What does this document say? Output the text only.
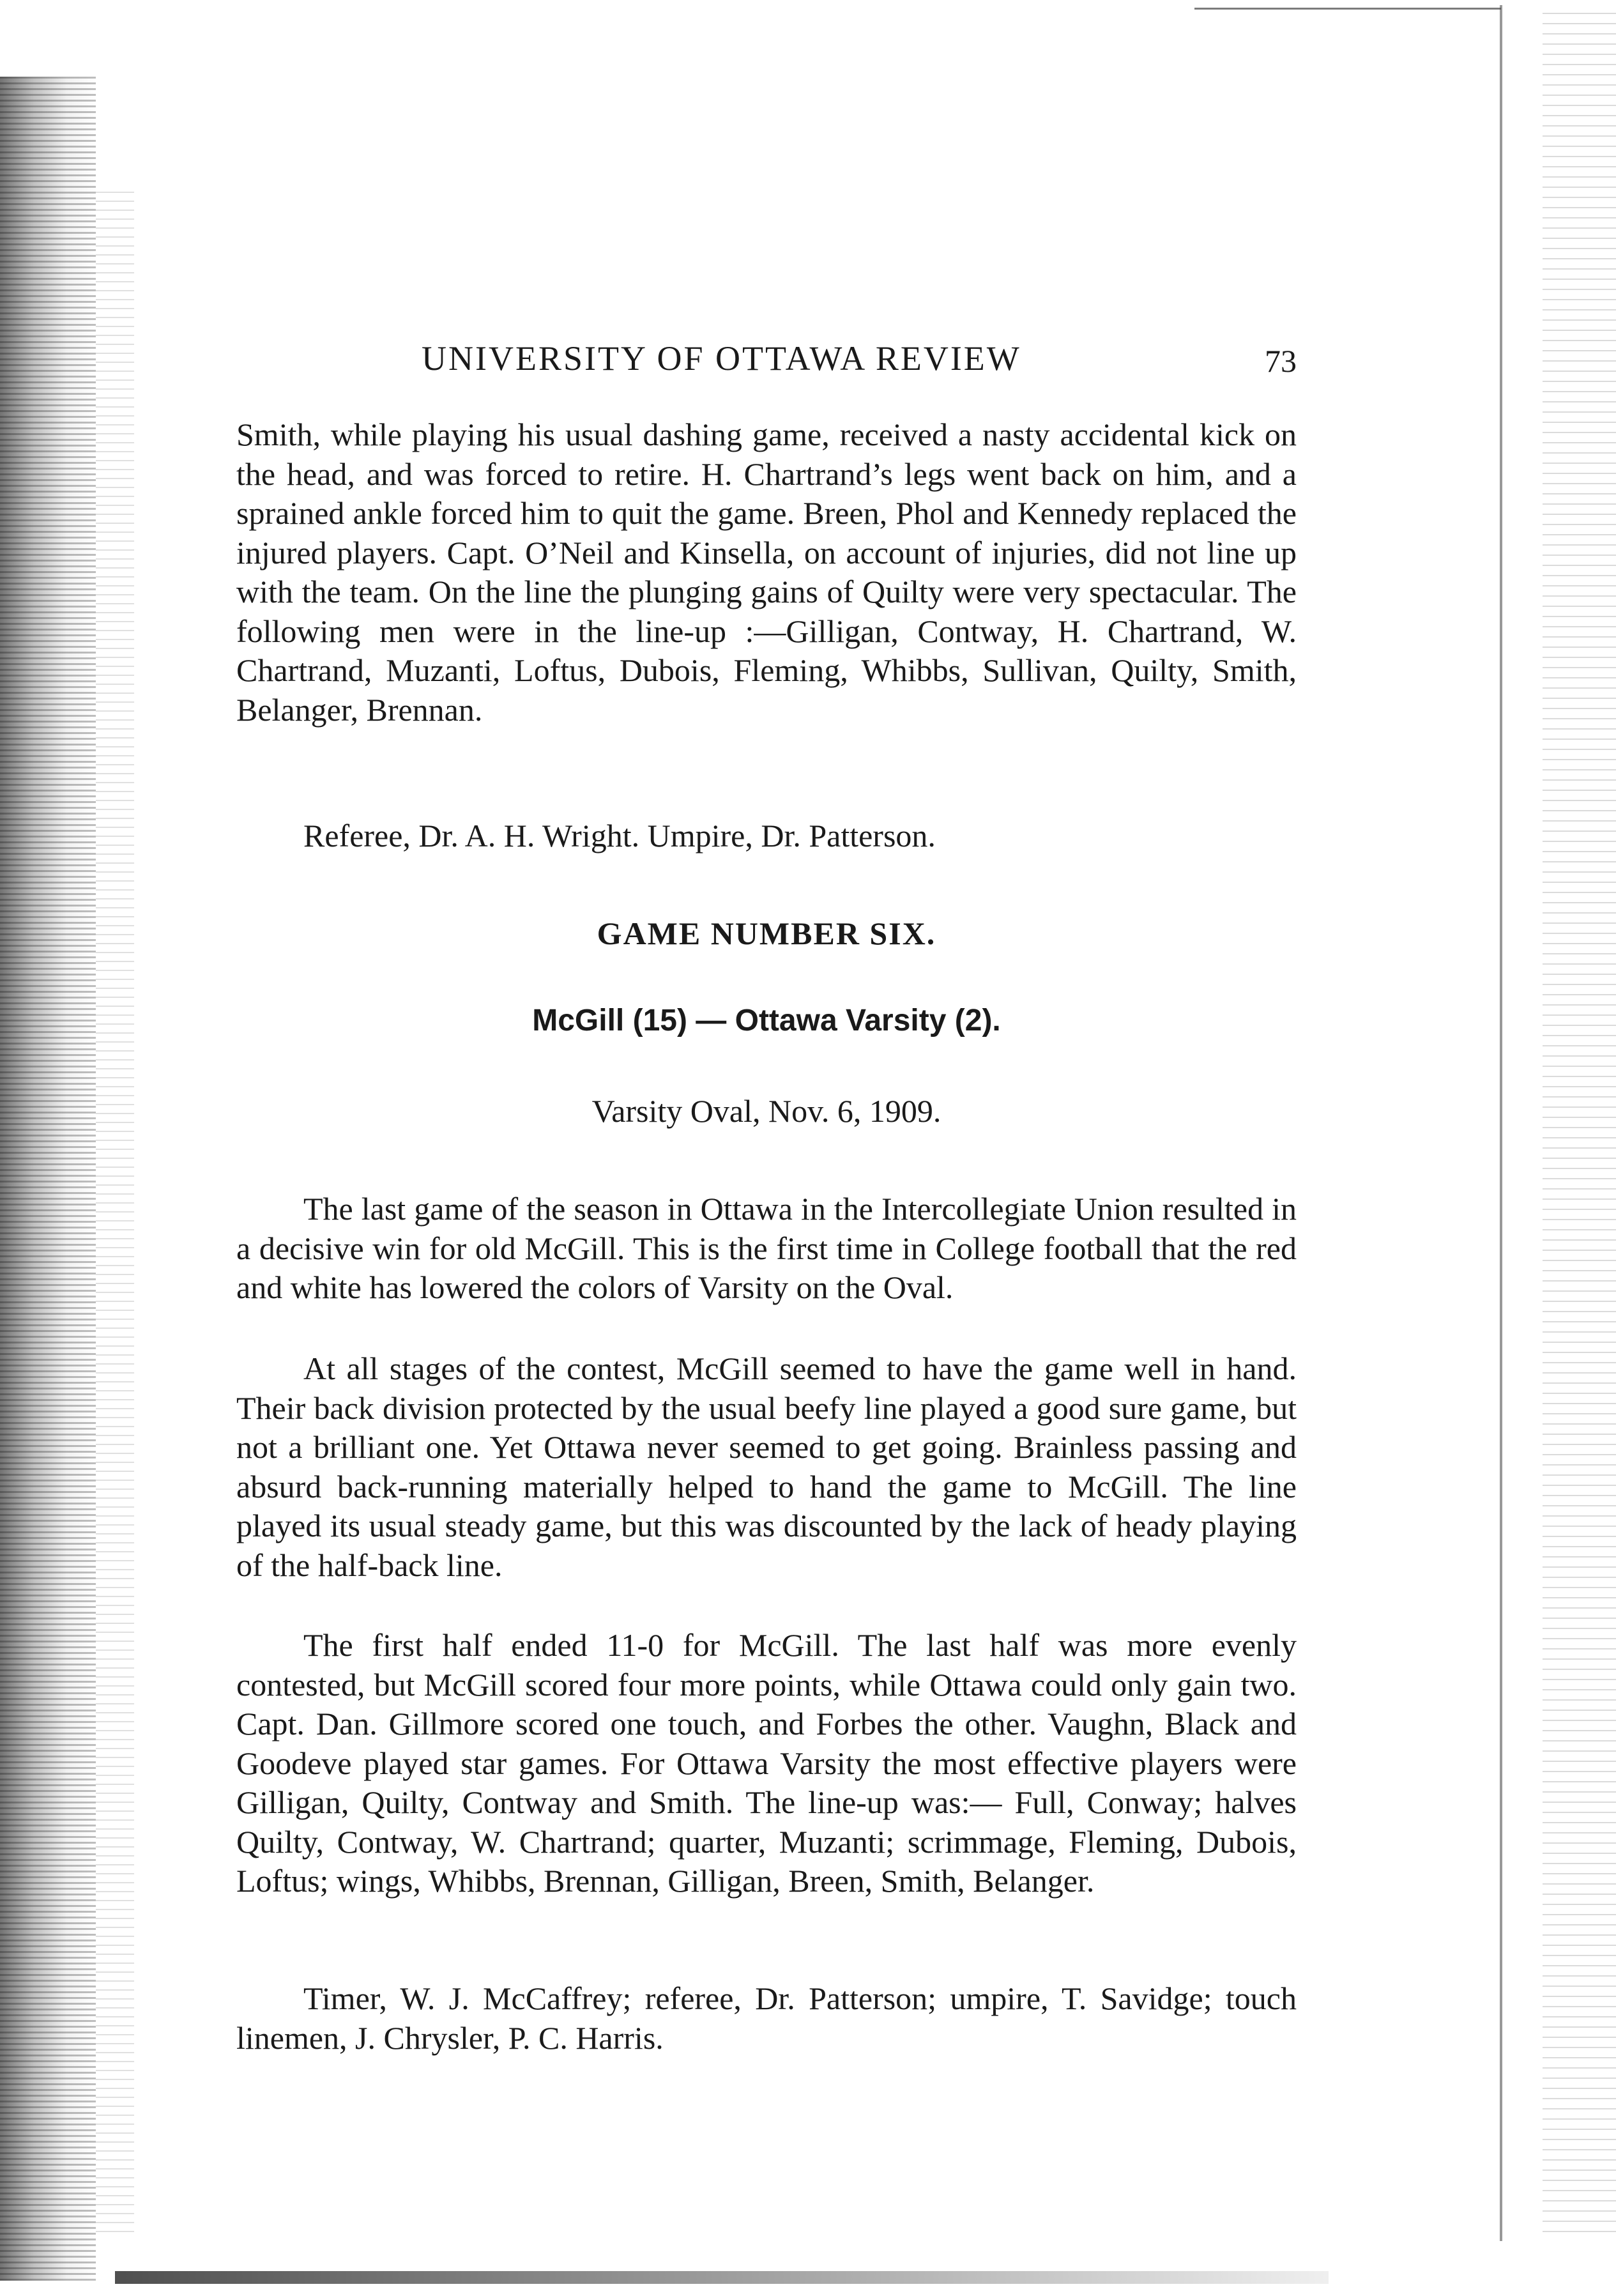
UNIVERSITY OF OTTAWA REVIEW	73

Smith, while playing his usual dashing game, received a nasty accidental kick on the head, and was forced to retire. H. Chartrand’s legs went back on him, and a sprained ankle forced him to quit the game. Breen, Phol and Kennedy replaced the injured players. Capt. O’Neil and Kinsella, on account of injuries, did not line up with the team. On the line the plunging gains of Quilty were very spectacular. The following men were in the line-up :—Gilligan, Contway, H. Chartrand, W. Chartrand, Muzanti, Loftus, Dubois, Fleming, Whibbs, Sullivan, Quilty, Smith, Belanger, Brennan.

Referee, Dr. A. H. Wright. Umpire, Dr. Patterson.

GAME NUMBER SIX.
McGill (15) — Ottawa Varsity (2).
Varsity Oval, Nov. 6, 1909.

The last game of the season in Ottawa in the Intercollegiate Union resulted in a decisive win for old McGill. This is the first time in College football that the red and white has lowered the colors of Varsity on the Oval.

At all stages of the contest, McGill seemed to have the game well in hand. Their back division protected by the usual beefy line played a good sure game, but not a brilliant one. Yet Ottawa never seemed to get going. Brainless passing and absurd back-running materially helped to hand the game to McGill. The line played its usual steady game, but this was discounted by the lack of heady playing of the half-back line.

The first half ended 11-0 for McGill. The last half was more evenly contested, but McGill scored four more points, while Ottawa could only gain two. Capt. Dan. Gillmore scored one touch, and Forbes the other. Vaughn, Black and Goodeve played star games. For Ottawa Varsity the most effective players were Gilligan, Quilty, Contway and Smith. The line-up was:— Full, Conway; halves Quilty, Contway, W. Chartrand; quarter, Muzanti; scrimmage, Fleming, Dubois, Loftus; wings, Whibbs, Brennan, Gilligan, Breen, Smith, Belanger.

Timer, W. J. McCaffrey; referee, Dr. Patterson; umpire, T. Savidge; touch linemen, J. Chrysler, P. C. Harris.
